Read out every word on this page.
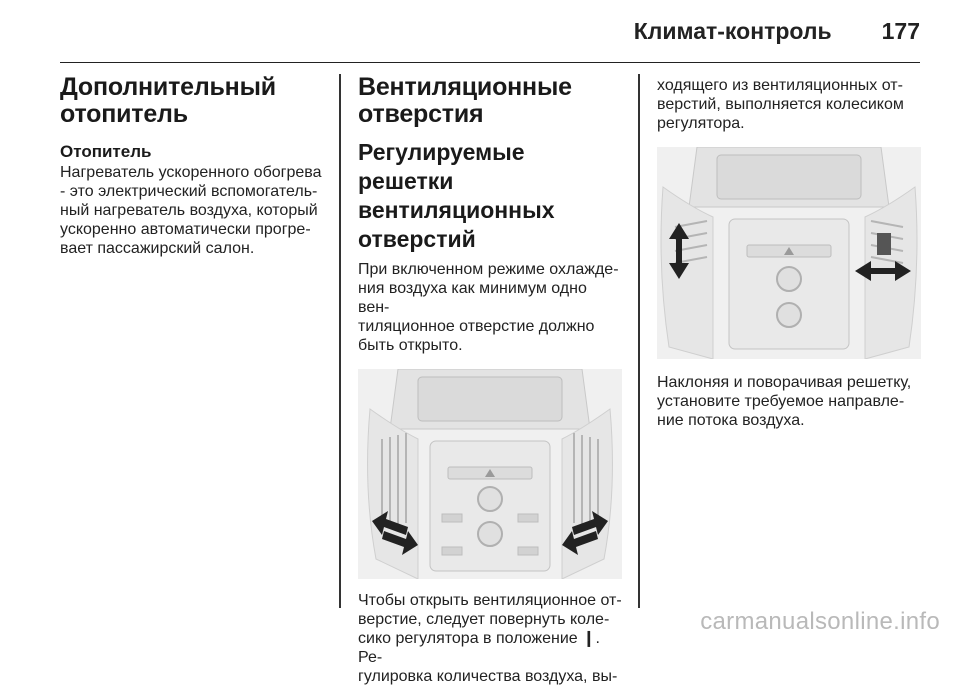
Климат-контроль 177
Дополнительный
отопитель
Отопитель

Нагреватель ускоренного обогрева
- это электрический вспомогатель-
ный нагреватель воздуха, который
ускоренно автоматически прогре-
вает пассажирский салон.

Вентиляционные
отверстия
Регулируемые решетки
вентиляционных
отверстий

При включенном режиме охлажде-
ния воздуха как минимум одно вен-
тиляционное отверстие должно
быть открыто.

Чтобы открыть вентиляционное от-
верстие, следует повернуть коле-
сико регулятора в положение ❙. Ре-
гулировка количества воздуха, вы-

ходящего из вентиляционных от-
верстий, выполняется колесиком
регулятора.

Наклоняя и поворачивая решетку,
установите требуемое направле-
ние потока воздуха.

carmanualsonline.info
